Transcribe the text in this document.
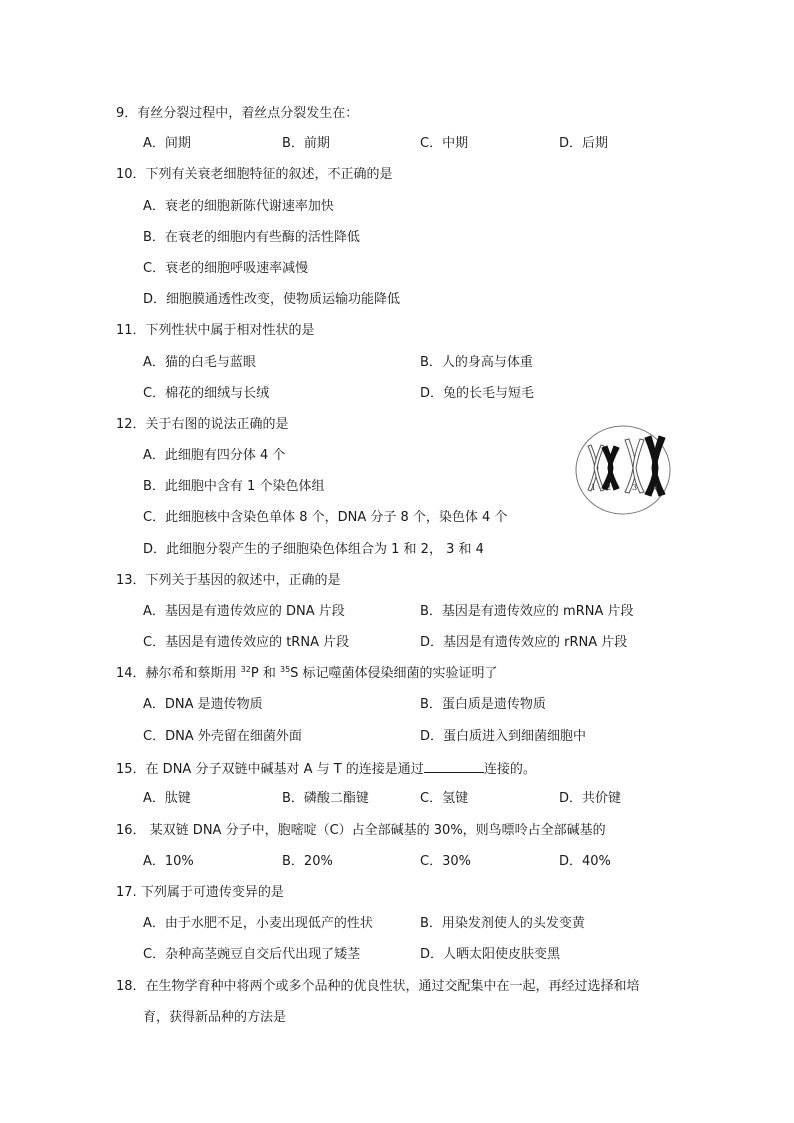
9．有丝分裂过程中，着丝点分裂发生在：
A．间期	B．前期	C．中期	D．后期
10．下列有关衰老细胞特征的叙述，不正确的是
A．衰老的细胞新陈代谢速率加快
B．在衰老的细胞内有些酶的活性降低
C．衰老的细胞呼吸速率减慢
D．细胞膜通透性改变，使物质运输功能降低
11．下列性状中属于相对性状的是
A．猫的白毛与蓝眼	B．人的身高与体重
C．棉花的细绒与长绒	D．兔的长毛与短毛
12．关于右图的说法正确的是
A．此细胞有四分体 4 个
B．此细胞中含有 1 个染色体组
C．此细胞核中含染色单体 8 个，DNA 分子 8 个，染色体 4 个
D．此细胞分裂产生的子细胞染色体组合为 1 和 2， 3 和 4
1 2	3 4
13．下列关于基因的叙述中，正确的是
A．基因是有遗传效应的 DNA 片段	B．基因是有遗传效应的 mRNA 片段
C．基因是有遗传效应的 tRNA 片段	D．基因是有遗传效应的 rRNA 片段
14．赫尔希和蔡斯用 $^{32}$P 和 $^{35}$S 标记噬菌体侵染细菌的实验证明了
A．DNA 是遗传物质	B．蛋白质是遗传物质
C．DNA 外壳留在细菌外面	D．蛋白质进入到细菌细胞中
15．在 DNA 分子双链中碱基对 A 与 T 的连接是通过	连接的。
A．肽键	B．磷酸二酯键	C．氢键	D．共价键
16． 某双链 DNA 分子中，胞嘧啶（C）占全部碱基的 30%，则鸟嘌呤占全部碱基的
A．10%	B．20%	C．30%	D．40%
17. 下列属于可遗传变异的是
A．由于水肥不足，小麦出现低产的性状	B．用染发剂使人的头发变黄
C．杂种高茎豌豆自交后代出现了矮茎	D．人晒太阳使皮肤变黑
18．在生物学育种中将两个或多个品种的优良性状，通过交配集中在一起，再经过选择和培
育，获得新品种的方法是
